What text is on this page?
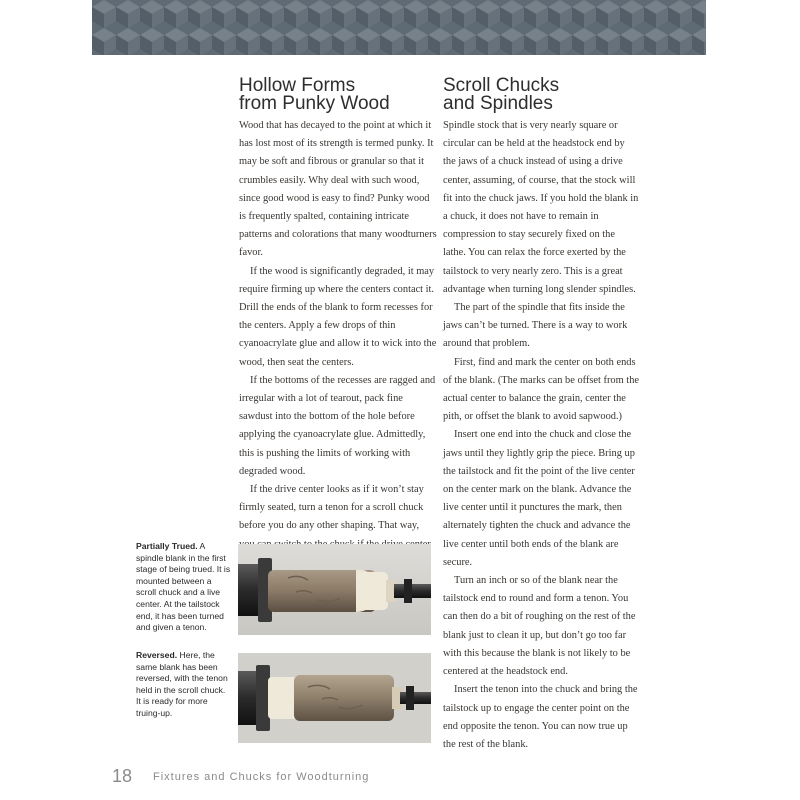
Hollow Forms
from Punky Wood
Scroll Chucks
and Spindles

Wood that has decayed to the point at which it has lost most of its strength is termed punky. It may be soft and fibrous or granular so that it crumbles easily. Why deal with such wood, since good wood is easy to find? Punky wood is frequently spalted, containing intricate patterns and colorations that many woodturners favor.

If the wood is significantly degraded, it may require firming up where the centers contact it. Drill the ends of the blank to form recesses for the centers. Apply a few drops of thin cyanoacrylate glue and allow it to wick into the wood, then seat the centers.

If the bottoms of the recesses are ragged and irregular with a lot of tearout, pack fine sawdust into the bottom of the hole before applying the cyanoacrylate glue. Admittedly, this is pushing the limits of working with degraded wood.

If the drive center looks as if it won’t stay firmly seated, turn a tenon for a scroll chuck before you do any other shaping. That way,

Spindle stock that is very nearly square or circular can be held at the headstock end by the jaws of a chuck instead of using a drive center, assuming, of course, that the stock will fit into the chuck jaws. If you hold the blank in a chuck, it does not have to remain in compression to stay securely fixed on the lathe. You can relax the force exerted by the tailstock to very nearly zero. This is a great advantage when turning long slender spindles.

The part of the spindle that fits inside the jaws can’t be turned. There is a way to work around that problem.

First, find and mark the center on both ends of the blank. (The marks can be offset from the actual center to balance the grain, center the pith, or offset the blank to avoid sapwood.)

Insert one end into the chuck and close the jaws until they lightly grip the piece. Bring up the tailstock and fit the point of the live center on the center mark on the blank. Advance the live center until it punctures the mark, then alternately tighten the chuck and advance the live center until both ends of the blank are secure.

Turn an inch or so of the blank near the tailstock end to round and form a tenon. You can then do a bit of roughing on the rest of the blank just to clean it up, but don’t go too far with this because the blank is not likely to be centered at the headstock end.

Insert the tenon into the chuck and bring the tailstock up to engage the center point on the end opposite the tenon. You can now true up the rest of the blank.

Partially Trued. A spindle blank in the first stage of being trued. It is mounted between a scroll chuck and a live center. At the tailstock end, it has been turned and given a tenon.
Reversed. Here, the same blank has been reversed, with the tenon held in the scroll chuck. It is ready for more truing-up.
18 Fixtures and Chucks for Woodturning
